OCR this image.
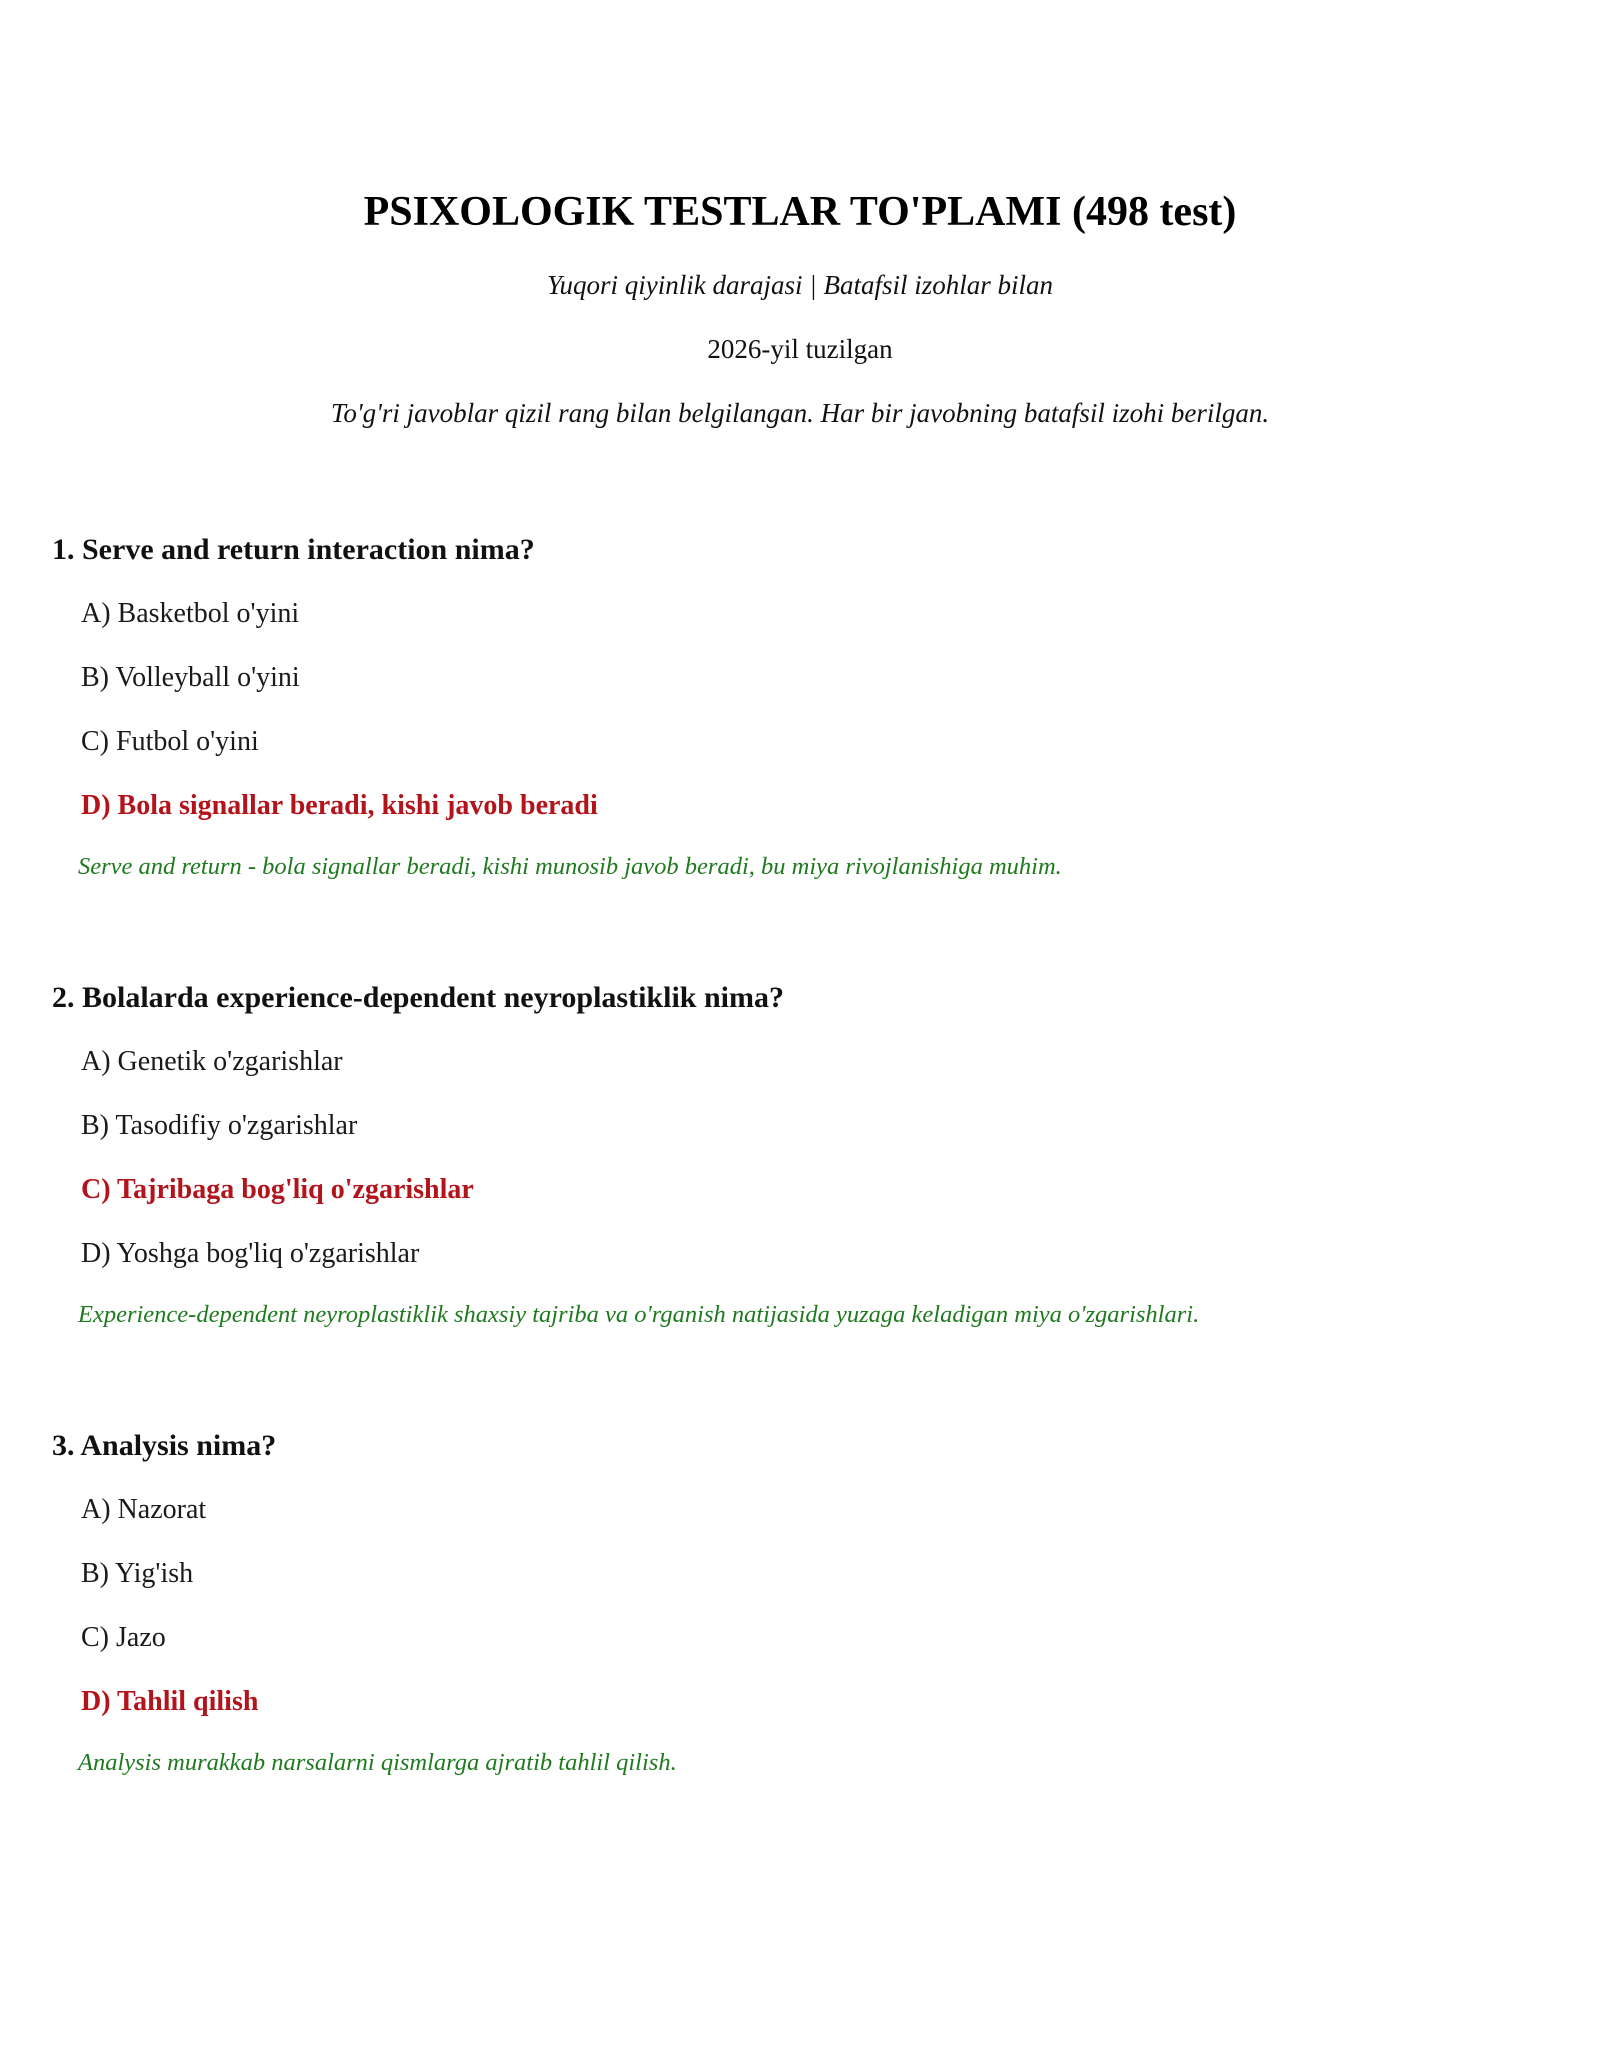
PSIXOLOGIK TESTLAR TO'PLAMI (498 test)
Yuqori qiyinlik darajasi | Batafsil izohlar bilan
2026-yil tuzilgan
To'g'ri javoblar qizil rang bilan belgilangan. Har bir javobning batafsil izohi berilgan.
1. Serve and return interaction nima?
A) Basketbol o'yini
B) Volleyball o'yini
C) Futbol o'yini
D) Bola signallar beradi, kishi javob beradi
Serve and return - bola signallar beradi, kishi munosib javob beradi, bu miya rivojlanishiga muhim.
2. Bolalarda experience-dependent neyroplastiklik nima?
A) Genetik o'zgarishlar
B) Tasodifiy o'zgarishlar
C) Tajribaga bog'liq o'zgarishlar
D) Yoshga bog'liq o'zgarishlar
Experience-dependent neyroplastiklik shaxsiy tajriba va o'rganish natijasida yuzaga keladigan miya o'zgarishlari.
3. Analysis nima?
A) Nazorat
B) Yig'ish
C) Jazo
D) Tahlil qilish
Analysis murakkab narsalarni qismlarga ajratib tahlil qilish.
